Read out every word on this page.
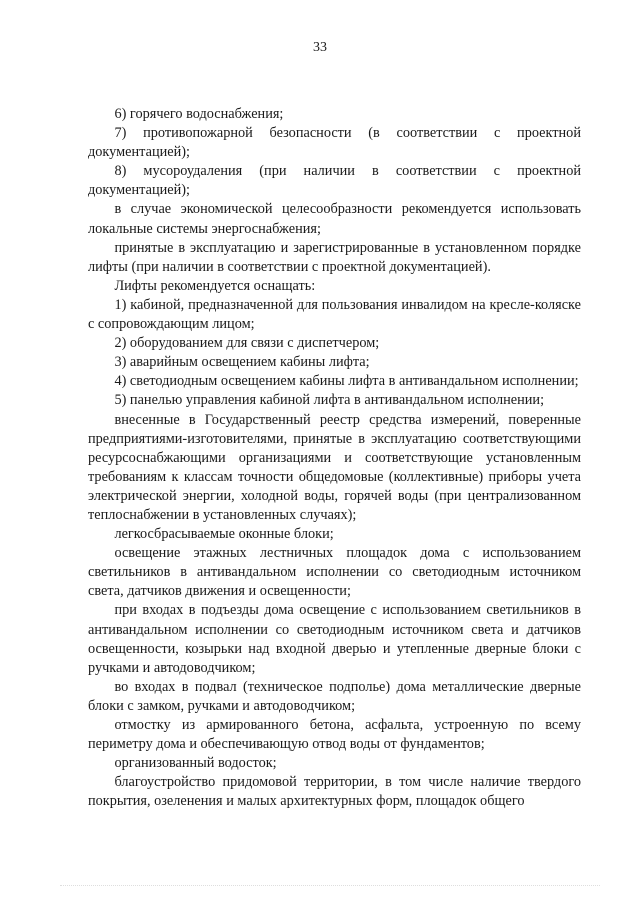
33

6) горячего водоснабжения;

7) противопожарной безопасности (в соответствии с проектной документацией);

8) мусороудаления (при наличии в соответствии с проектной документацией);

в случае экономической целесообразности рекомендуется использовать локальные системы энергоснабжения;

принятые в эксплуатацию и зарегистрированные в установленном порядке лифты (при наличии в соответствии с проектной документацией).

Лифты рекомендуется оснащать:

1) кабиной, предназначенной для пользования инвалидом на кресле-коляске с сопровождающим лицом;

2) оборудованием для связи с диспетчером;

3) аварийным освещением кабины лифта;

4) светодиодным освещением кабины лифта в антивандальном исполнении;

5) панелью управления кабиной лифта в антивандальном исполнении;

внесенные в Государственный реестр средства измерений, поверенные предприятиями-изготовителями, принятые в эксплуатацию соответствующими ресурсоснабжающими организациями и соответствующие установленным требованиям к классам точности общедомовые (коллективные) приборы учета электрической энергии, холодной воды, горячей воды (при централизованном теплоснабжении в установленных случаях);

легкосбрасываемые оконные блоки;

освещение этажных лестничных площадок дома с использованием светильников в антивандальном исполнении со светодиодным источником света, датчиков движения и освещенности;

при входах в подъезды дома освещение с использованием светильников в антивандальном исполнении со светодиодным источником света и датчиков освещенности, козырьки над входной дверью и утепленные дверные блоки с ручками и автодоводчиком;

во входах в подвал (техническое подполье) дома металлические дверные блоки с замком, ручками и автодоводчиком;

отмостку из армированного бетона, асфальта, устроенную по всему периметру дома и обеспечивающую отвод воды от фундаментов;

организованный водосток;

благоустройство придомовой территории, в том числе наличие твердого покрытия, озеленения и малых архитектурных форм, площадок общего
